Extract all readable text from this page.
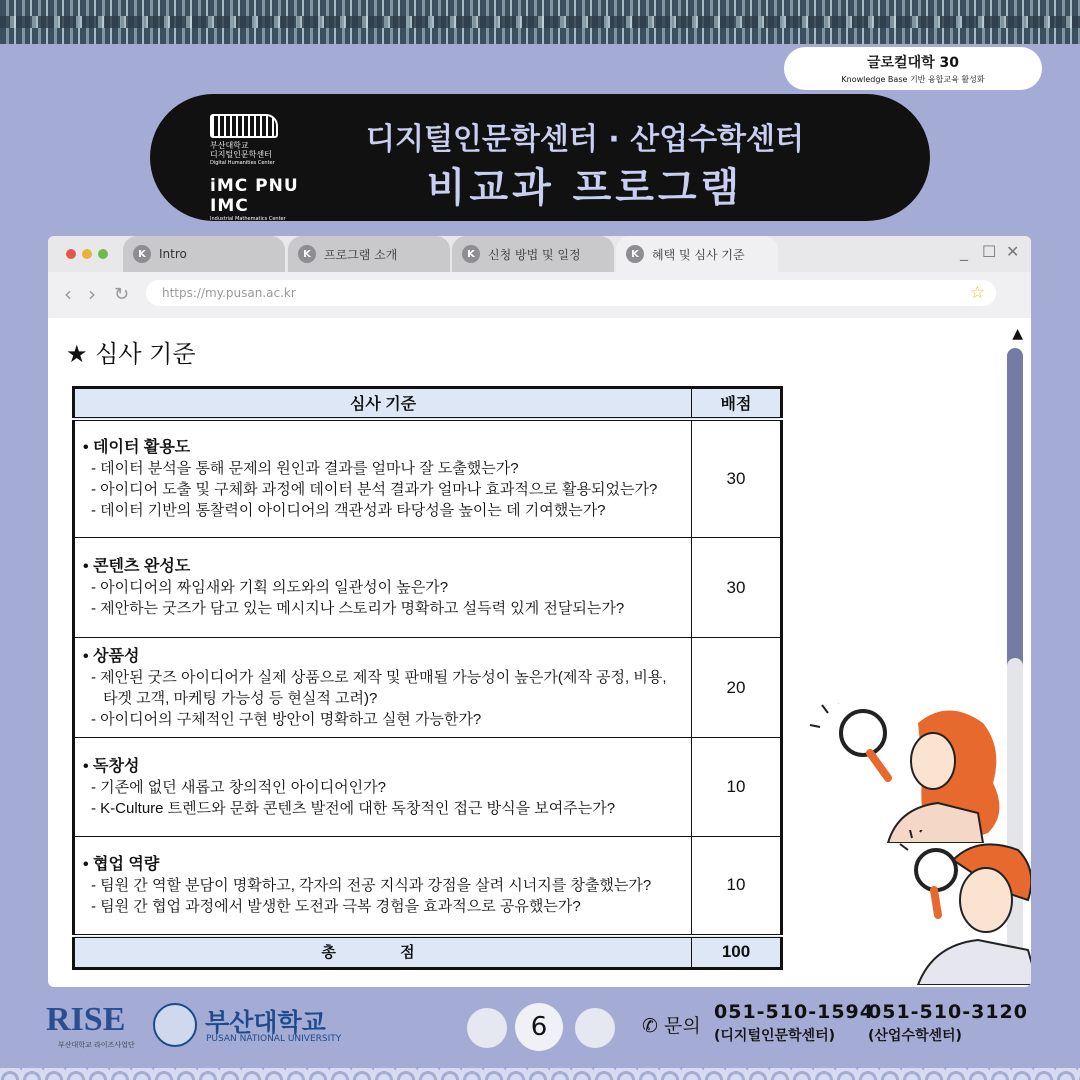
글로컬대학 30
Knowledge Base 기반 융합교육 활성화
부산대학교
디지털인문학센터
Digital Humanities Center
iMC PNU IMC
Industrial Mathematics Center
디지털인문학센터 · 산업수학센터
비교과 프로그램
K	Intro	K	프로그램 소개	K	신청 방법 및 일정	K	혜택 및 심사 기준	_ ☐ ✕
‹ › ↻	https://my.pusan.ac.kr	☆
★ 심사 기준
▲
심사 기준	배점

• 데이터 활용도
- 데이터 분석을 통해 문제의 원인과 결과를 얼마나 잘 도출했는가?
- 아이디어 도출 및 구체화 과정에 데이터 분석 결과가 얼마나 효과적으로 활용되었는가?
- 데이터 기반의 통찰력이 아이디어의 객관성과 타당성을 높이는 데 기여했는가?	30

• 콘텐츠 완성도
- 아이디어의 짜임새와 기획 의도와의 일관성이 높은가?
- 제안하는 굿즈가 담고 있는 메시지나 스토리가 명확하고 설득력 있게 전달되는가?	30

• 상품성
- 제안된 굿즈 아이디어가 실제 상품으로 제작 및 판매될 가능성이 높은가(제작 공정, 비용, 타겟 고객, 마케팅 가능성 등 현실적 고려)?
- 아이디어의 구체적인 구현 방안이 명확하고 실현 가능한가?	20

• 독창성
- 기존에 없던 새롭고 창의적인 아이디어인가?
- K-Culture 트렌드와 문화 콘텐츠 발전에 대한 독창적인 접근 방식을 보여주는가?	10

• 협업 역량
- 팀원 간 역할 분담이 명확하고, 각자의 전공 지식과 강점을 살려 시너지를 창출했는가?
- 팀원 간 협업 과정에서 발생한 도전과 극복 경험을 효과적으로 공유했는가?	10
총 점	100
RISE
부산대학교 라이즈사업단
부산대학교
PUSAN NATIONAL UNIVERSITY	6	✆ 문의
051-510-1594
(디지털인문학센터)
051-510-3120
(산업수학센터)
